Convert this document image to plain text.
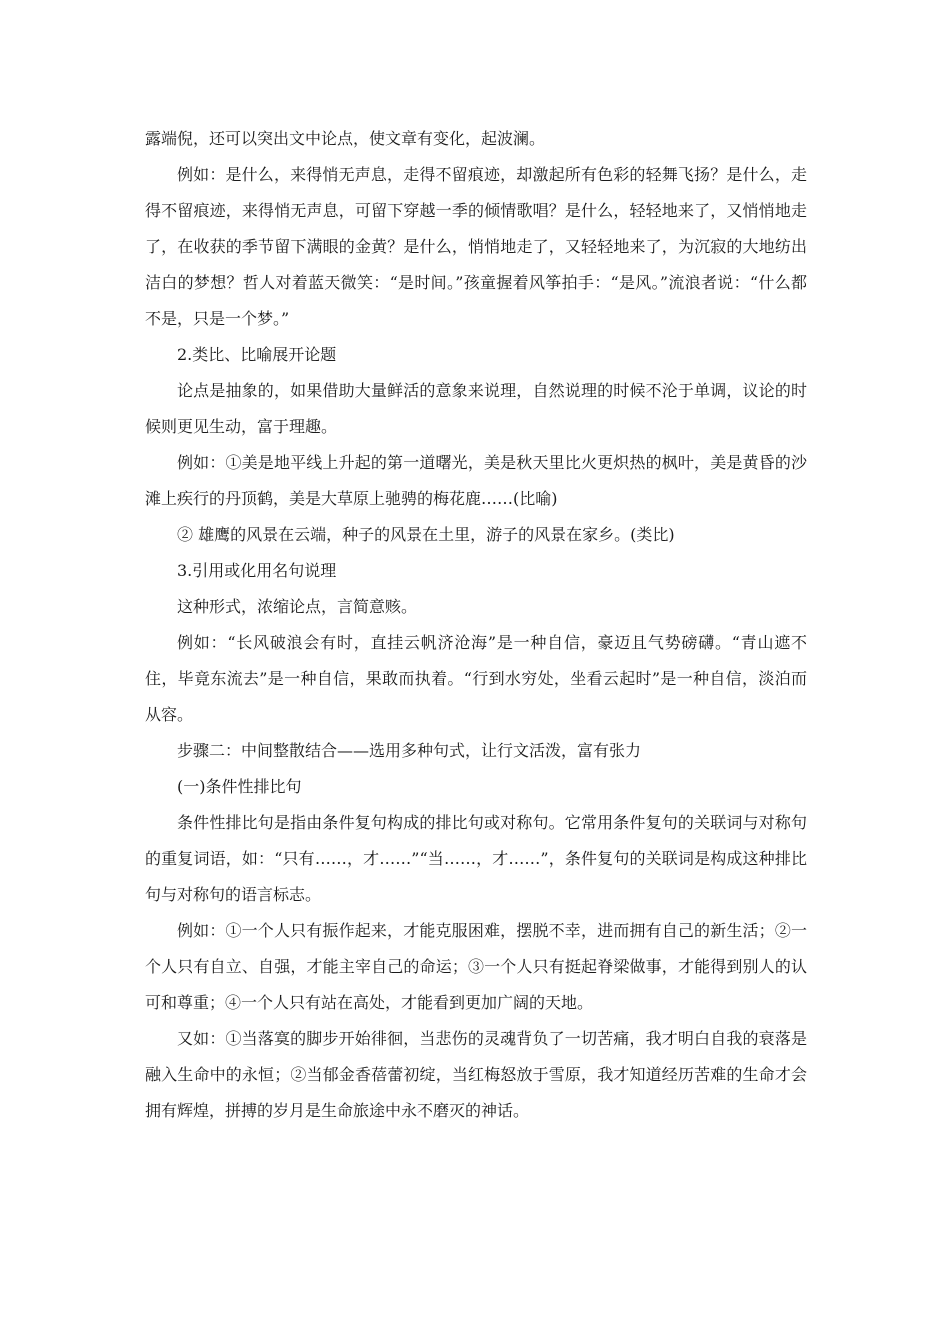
露端倪，还可以突出文中论点，使文章有变化，起波澜。

例如：是什么，来得悄无声息，走得不留痕迹，却激起所有色彩的轻舞飞扬？是什么，走得不留痕迹，来得悄无声息，可留下穿越一季的倾情歌唱？是什么，轻轻地来了，又悄悄地走了，在收获的季节留下满眼的金黄？是什么，悄悄地走了，又轻轻地来了，为沉寂的大地纺出洁白的梦想？哲人对着蓝天微笑：“是时间。”孩童握着风筝拍手：“是风。”流浪者说：“什么都不是，只是一个梦。”

2.类比、比喻展开论题

论点是抽象的，如果借助大量鲜活的意象来说理，自然说理的时候不沦于单调，议论的时候则更见生动，富于理趣。

例如：①美是地平线上升起的第一道曙光，美是秋天里比火更炽热的枫叶，美是黄昏的沙滩上疾行的丹顶鹤，美是大草原上驰骋的梅花鹿……(比喻)

② 雄鹰的风景在云端，种子的风景在土里，游子的风景在家乡。(类比)

3.引用或化用名句说理

这种形式，浓缩论点，言简意赅。

例如：“长风破浪会有时，直挂云帆济沧海”是一种自信，豪迈且气势磅礴。“青山遮不住，毕竟东流去”是一种自信，果敢而执着。“行到水穷处，坐看云起时”是一种自信，淡泊而从容。

步骤二：中间整散结合——选用多种句式，让行文活泼，富有张力

(一)条件性排比句

条件性排比句是指由条件复句构成的排比句或对称句。它常用条件复句的关联词与对称句的重复词语，如：“只有……，才……”“当……，才……”，条件复句的关联词是构成这种排比句与对称句的语言标志。

例如：①一个人只有振作起来，才能克服困难，摆脱不幸，进而拥有自己的新生活；②一个人只有自立、自强，才能主宰自己的命运；③一个人只有挺起脊梁做事，才能得到别人的认可和尊重；④一个人只有站在高处，才能看到更加广阔的天地。

又如：①当落寞的脚步开始徘徊，当悲伤的灵魂背负了一切苦痛，我才明白自我的衰落是融入生命中的永恒；②当郁金香蓓蕾初绽，当红梅怒放于雪原，我才知道经历苦难的生命才会拥有辉煌，拼搏的岁月是生命旅途中永不磨灭的神话。
